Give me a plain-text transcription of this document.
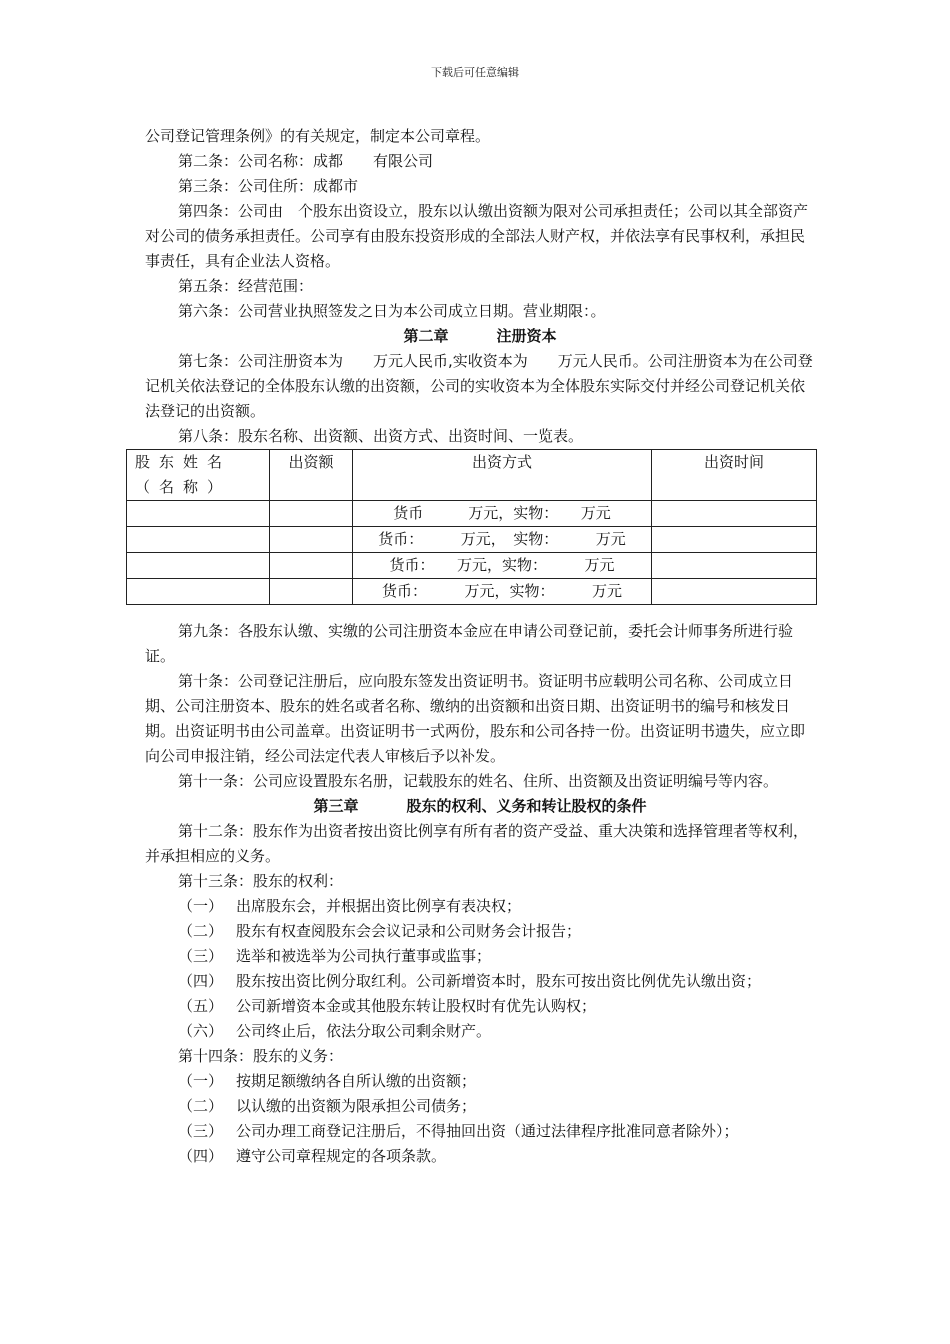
下载后可任意编辑

公司登记管理条例》的有关规定，制定本公司章程。

第二条：公司名称：成都　　有限公司

第三条：公司住所：成都市

第四条：公司由　个股东出资设立，股东以认缴出资额为限对公司承担责任；公司以其全部资产对公司的债务承担责任。公司享有由股东投资形成的全部法人财产权，并依法享有民事权利，承担民事责任，具有企业法人资格。

第五条：经营范围：

第六条：公司营业执照签发之日为本公司成立日期。营业期限：。

第二章	注册资本

第七条：公司注册资本为　　万元人民币,实收资本为　　万元人民币。公司注册资本为在公司登记机关依法登记的全体股东认缴的出资额，公司的实收资本为全体股东实际交付并经公司登记机关依法登记的出资额。

第八条：股东名称、出资额、出资方式、出资时间、一览表。

股东姓名（名称）	出资额	出资方式	出资时间
		货币　　　万元，实物：　　万元	
		货币：　　　万元，　实物：　　　万元	
		货币：　　万元，实物：　　　万元	
		货币：　　　万元，实物：　　　万元	

第九条：各股东认缴、实缴的公司注册资本金应在申请公司登记前，委托会计师事务所进行验证。

第十条：公司登记注册后，应向股东签发出资证明书。资证明书应载明公司名称、公司成立日期、公司注册资本、股东的姓名或者名称、缴纳的出资额和出资日期、出资证明书的编号和核发日期。出资证明书由公司盖章。出资证明书一式两份，股东和公司各持一份。出资证明书遗失，应立即向公司申报注销，经公司法定代表人审核后予以补发。

第十一条：公司应设置股东名册，记载股东的姓名、住所、出资额及出资证明编号等内容。

第三章	股东的权利、义务和转让股权的条件

第十二条：股东作为出资者按出资比例享有所有者的资产受益、重大决策和选择管理者等权利，并承担相应的义务。

第十三条：股东的权利：

（一） 出席股东会，并根据出资比例享有表决权；

（二） 股东有权查阅股东会会议记录和公司财务会计报告；

（三） 选举和被选举为公司执行董事或监事；

（四） 股东按出资比例分取红利。公司新增资本时，股东可按出资比例优先认缴出资；

（五） 公司新增资本金或其他股东转让股权时有优先认购权；

（六） 公司终止后，依法分取公司剩余财产。

第十四条：股东的义务：

（一） 按期足额缴纳各自所认缴的出资额；

（二） 以认缴的出资额为限承担公司债务；

（三） 公司办理工商登记注册后，不得抽回出资（通过法律程序批准同意者除外）；

（四） 遵守公司章程规定的各项条款。
